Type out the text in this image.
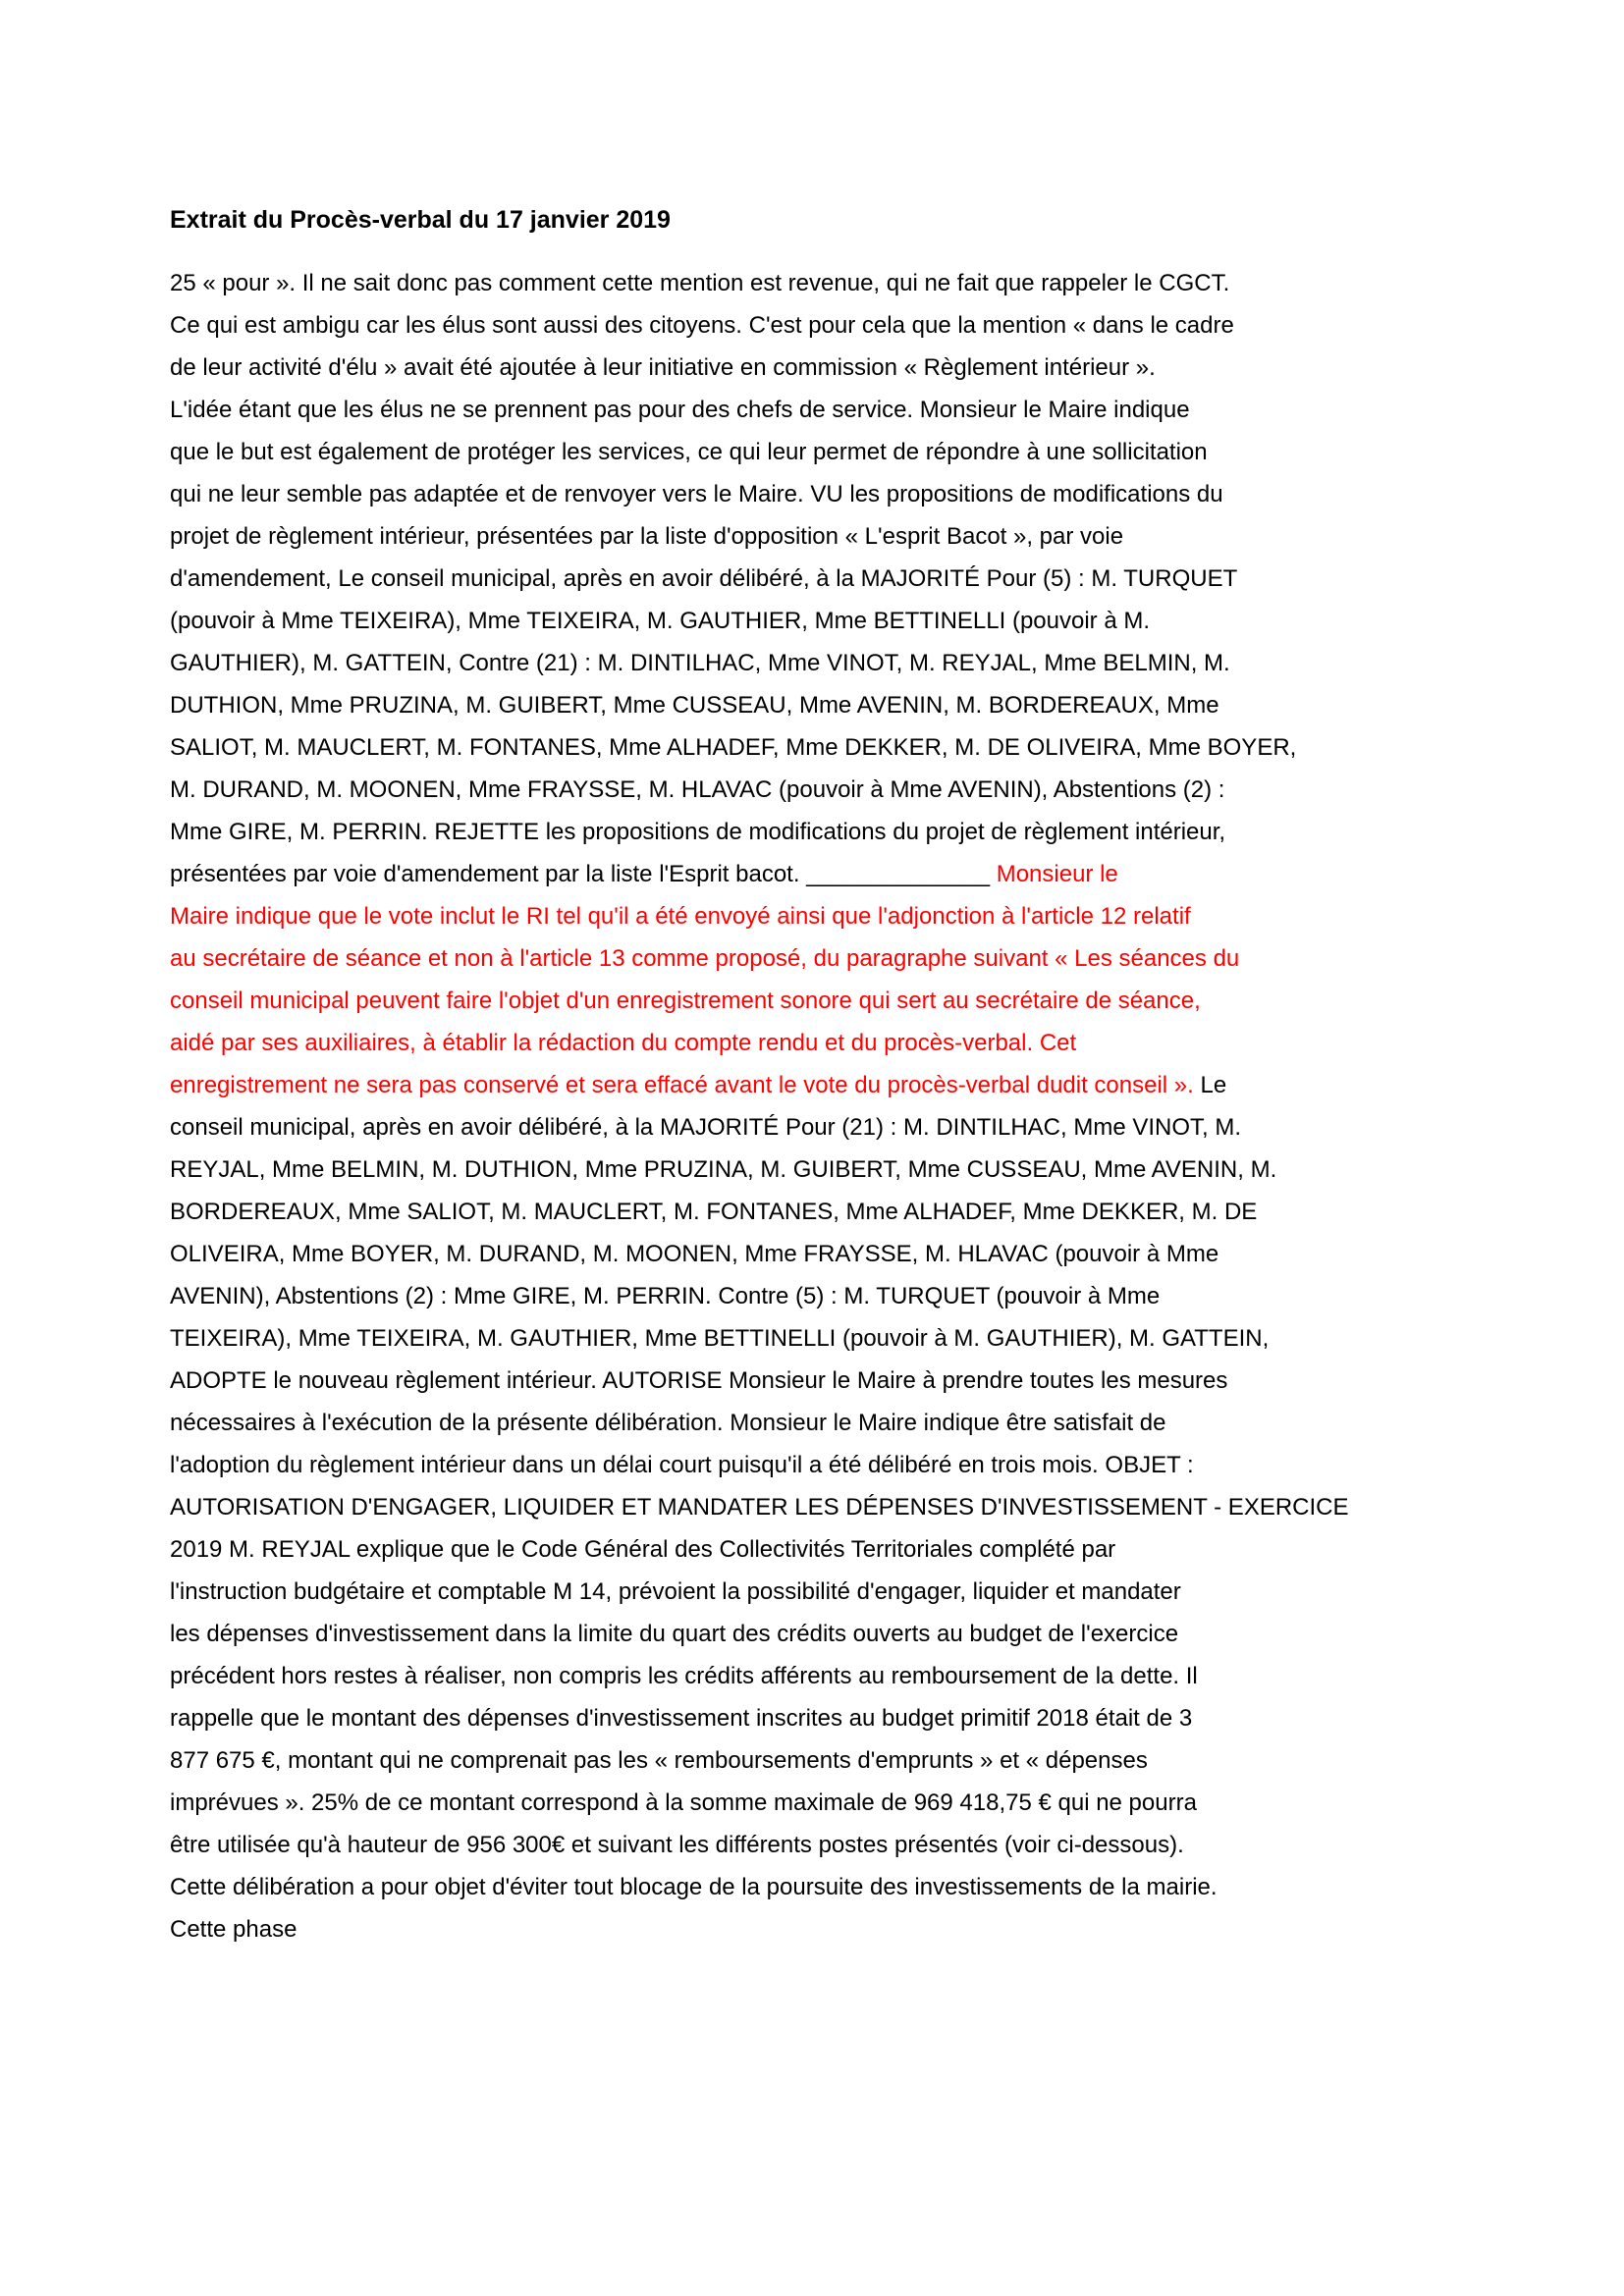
Extrait du Procès-verbal du 17 janvier 2019
25 « pour ». Il ne sait donc pas comment cette mention est revenue, qui ne fait que rappeler le CGCT.
Ce qui est ambigu car les élus sont aussi des citoyens. C'est pour cela que la mention « dans le cadre
de leur activité d'élu » avait été ajoutée à leur initiative en commission « Règlement intérieur ».
L'idée étant que les élus ne se prennent pas pour des chefs de service. Monsieur le Maire indique
que le but est également de protéger les services, ce qui leur permet de répondre à une sollicitation
qui ne leur semble pas adaptée et de renvoyer vers le Maire. VU les propositions de modifications du
projet de règlement intérieur, présentées par la liste d'opposition « L'esprit Bacot », par voie
d'amendement, Le conseil municipal, après en avoir délibéré, à la MAJORITÉ Pour (5) : M. TURQUET
(pouvoir à Mme TEIXEIRA), Mme TEIXEIRA, M. GAUTHIER, Mme BETTINELLI (pouvoir à M.
GAUTHIER), M. GATTEIN, Contre (21) : M. DINTILHAC, Mme VINOT, M. REYJAL, Mme BELMIN, M.
DUTHION, Mme PRUZINA, M. GUIBERT, Mme CUSSEAU, Mme AVENIN, M. BORDEREAUX, Mme
SALIOT, M. MAUCLERT, M. FONTANES, Mme ALHADEF, Mme DEKKER, M. DE OLIVEIRA, Mme BOYER,
M. DURAND, M. MOONEN, Mme FRAYSSE, M. HLAVAC (pouvoir à Mme AVENIN), Abstentions (2) :
Mme GIRE, M. PERRIN. REJETTE les propositions de modifications du projet de règlement intérieur,
présentées par voie d'amendement par la liste l'Esprit bacot. ______________ Monsieur le
Maire indique que le vote inclut le RI tel qu'il a été envoyé ainsi que l'adjonction à l'article 12 relatif
au secrétaire de séance et non à l'article 13 comme proposé, du paragraphe suivant « Les séances du
conseil municipal peuvent faire l'objet d'un enregistrement sonore qui sert au secrétaire de séance,
aidé par ses auxiliaires, à établir la rédaction du compte rendu et du procès-verbal. Cet
enregistrement ne sera pas conservé et sera effacé avant le vote du procès-verbal dudit conseil ». Le
conseil municipal, après en avoir délibéré, à la MAJORITÉ Pour (21) : M. DINTILHAC, Mme VINOT, M.
REYJAL, Mme BELMIN, M. DUTHION, Mme PRUZINA, M. GUIBERT, Mme CUSSEAU, Mme AVENIN, M.
BORDEREAUX, Mme SALIOT, M. MAUCLERT, M. FONTANES, Mme ALHADEF, Mme DEKKER, M. DE
OLIVEIRA, Mme BOYER, M. DURAND, M. MOONEN, Mme FRAYSSE, M. HLAVAC (pouvoir à Mme
AVENIN), Abstentions (2) : Mme GIRE, M. PERRIN. Contre (5) : M. TURQUET (pouvoir à Mme
TEIXEIRA), Mme TEIXEIRA, M. GAUTHIER, Mme BETTINELLI (pouvoir à M. GAUTHIER), M. GATTEIN,
ADOPTE le nouveau règlement intérieur. AUTORISE Monsieur le Maire à prendre toutes les mesures
nécessaires à l'exécution de la présente délibération. Monsieur le Maire indique être satisfait de
l'adoption du règlement intérieur dans un délai court puisqu'il a été délibéré en trois mois. OBJET :
AUTORISATION D'ENGAGER, LIQUIDER ET MANDATER LES DÉPENSES D'INVESTISSEMENT - EXERCICE
2019 M. REYJAL explique que le Code Général des Collectivités Territoriales complété par
l'instruction budgétaire et comptable M 14, prévoient la possibilité d'engager, liquider et mandater
les dépenses d'investissement dans la limite du quart des crédits ouverts au budget de l'exercice
précédent hors restes à réaliser, non compris les crédits afférents au remboursement de la dette. Il
rappelle que le montant des dépenses d'investissement inscrites au budget primitif 2018 était de 3
877 675 €, montant qui ne comprenait pas les « remboursements d'emprunts » et « dépenses
imprévues ». 25% de ce montant correspond à la somme maximale de 969 418,75 € qui ne pourra
être utilisée qu'à hauteur de 956 300€ et suivant les différents postes présentés (voir ci-dessous).
Cette délibération a pour objet d'éviter tout blocage de la poursuite des investissements de la mairie.
Cette phase
